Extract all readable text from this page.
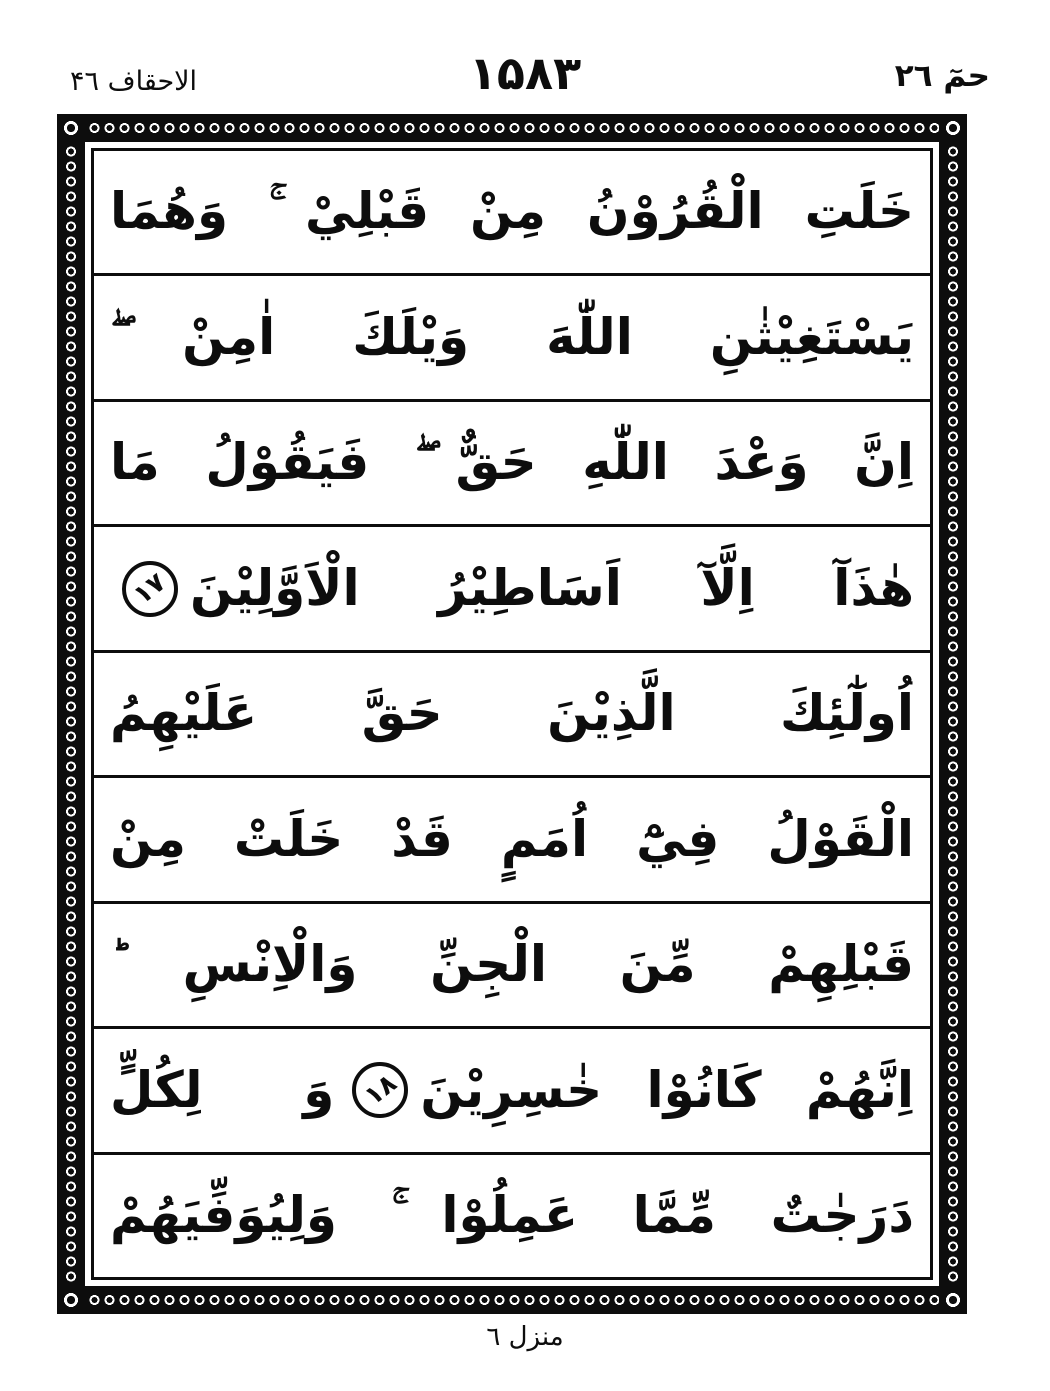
الاحقاف ۴٦	۱۵۸۳	حمٓ ٢٦
خَلَتِ الْقُرُوْنُ مِنْ قَبْلِيْ ۚ وَهُمَا
يَسْتَغِيْثٰنِ اللّٰهَ وَيْلَكَ اٰمِنْ ۖ
اِنَّ وَعْدَ اللّٰهِ حَقٌّ ۖ فَيَقُوْلُ مَا
هٰذَآ اِلَّآ اَسَاطِيْرُ الْاَوَّلِيْنَ
١٧
اُولٰٓئِكَ الَّذِيْنَ حَقَّ عَلَيْهِمُ
الْقَوْلُ فِيْٓ اُمَمٍ قَدْ خَلَتْ مِنْ
قَبْلِهِمْ مِّنَ الْجِنِّ وَالْاِنْسِ ؕ
اِنَّهُمْ كَانُوْا خٰسِرِيْنَ
١٨
وَ لِكُلٍّ
دَرَجٰتٌ مِّمَّا عَمِلُوْا ۚ وَلِيُوَفِّيَهُمْ
منزل ٦
